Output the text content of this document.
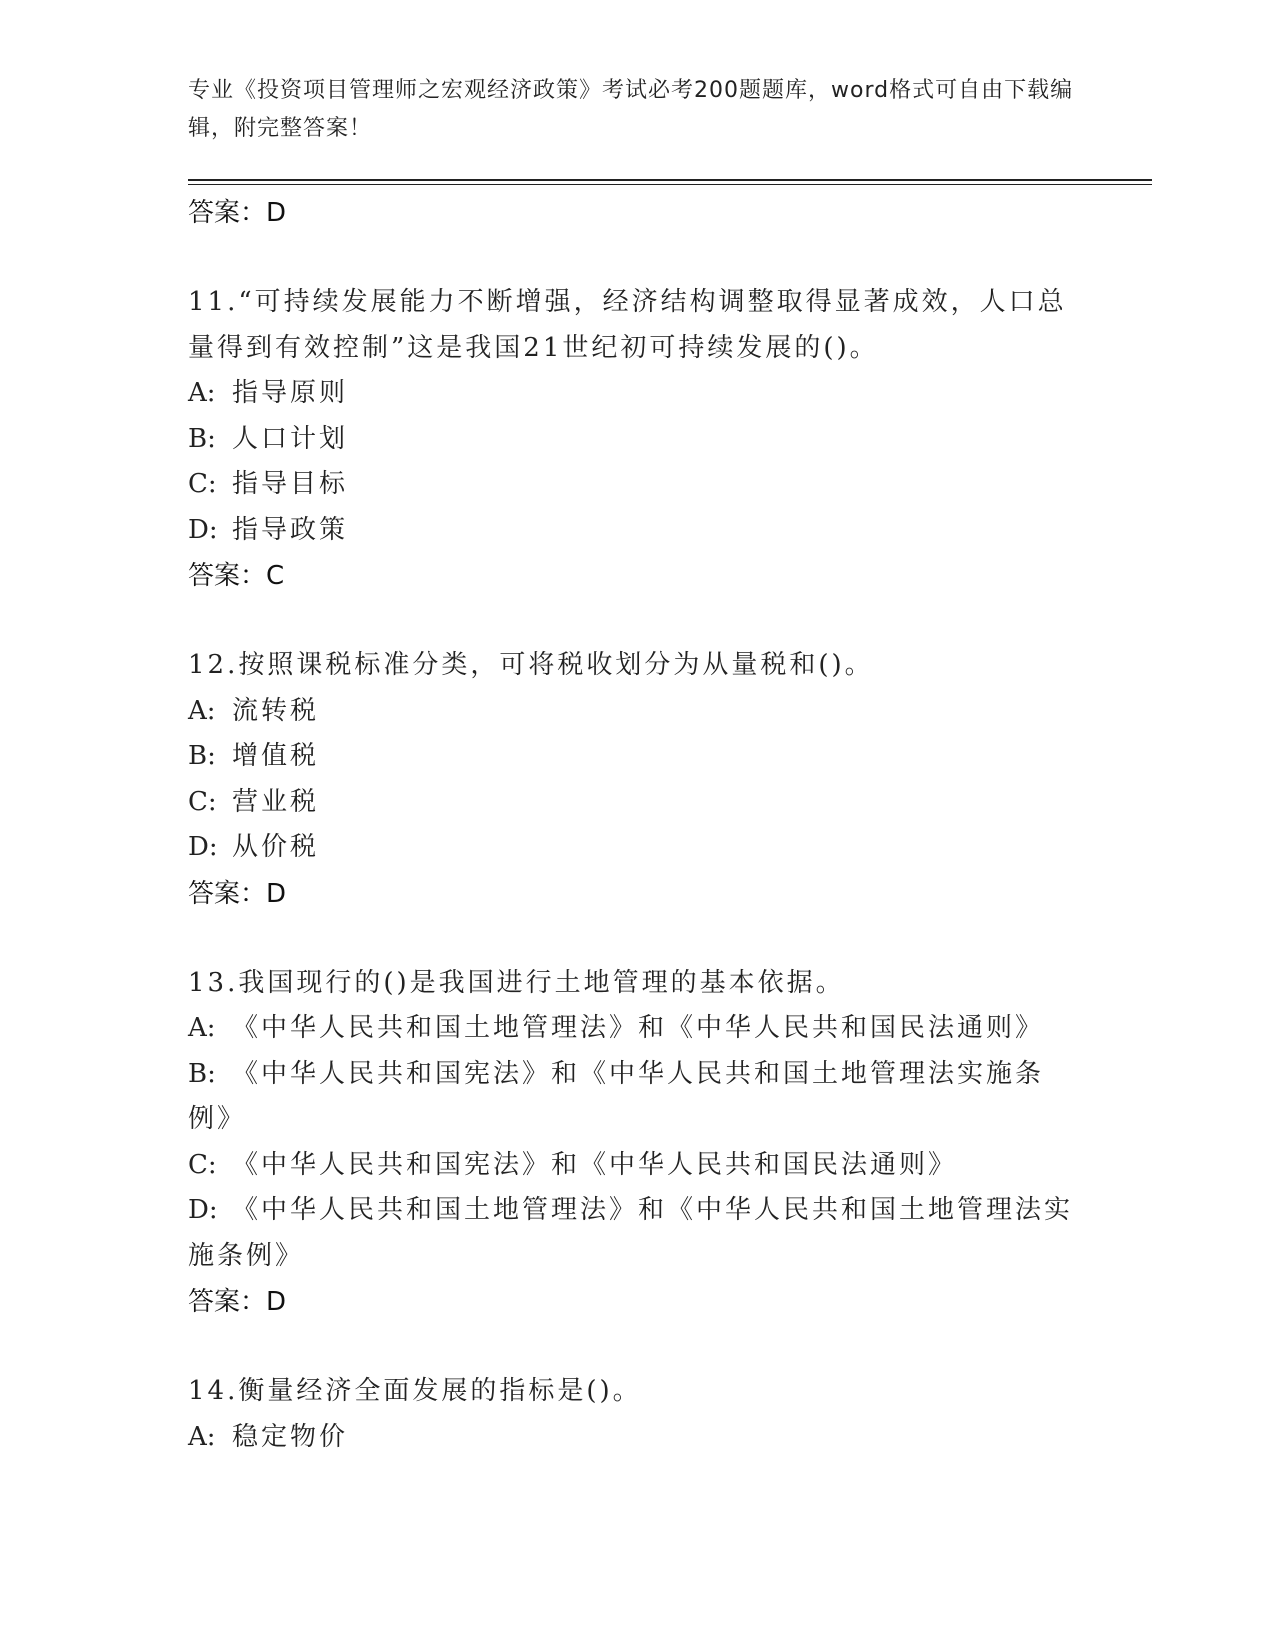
专业《投资项目管理师之宏观经济政策》考试必考200题题库，word格式可自由下载编辑，附完整答案！
答案：D
11.“可持续发展能力不断增强，经济结构调整取得显著成效，人口总量得到有效控制”这是我国21世纪初可持续发展的()。
A: 指导原则
B: 人口计划
C: 指导目标
D: 指导政策
答案：C
12.按照课税标准分类，可将税收划分为从量税和()。
A: 流转税
B: 增值税
C: 营业税
D: 从价税
答案：D
13.我国现行的()是我国进行土地管理的基本依据。
A: 《中华人民共和国土地管理法》和《中华人民共和国民法通则》
B: 《中华人民共和国宪法》和《中华人民共和国土地管理法实施条例》
C: 《中华人民共和国宪法》和《中华人民共和国民法通则》
D: 《中华人民共和国土地管理法》和《中华人民共和国土地管理法实施条例》
答案：D
14.衡量经济全面发展的指标是()。
A: 稳定物价
